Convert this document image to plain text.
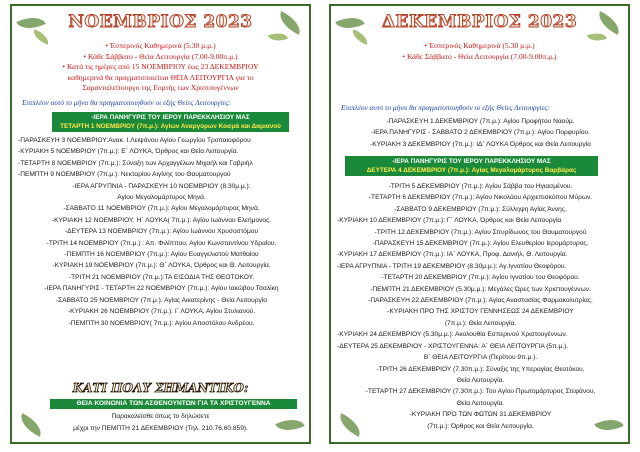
ΝΟΕΜΒΡΙΟΣ 2023
• Έσπερινός Καθημερινά (5.30 μ.μ.)
• Κάθε Σάββατο - Θεία Λειτουργία (7.00-9.00π.μ.)
• Κατά τις ημέρες από 15 ΝΟΕΜΒΡΙΟΥ έως 23 ΔΕΚΕΜΒΡΙΟΥ
καθημερινά θα πραγματοποιείται ΘΕΙΑ ΛΕΙΤΟΥΡΓΙΑ για το
Σαρανταλείτουργο της Εορτής των Χριστουγέννων
Επιπλέον αυτό το μήνα θα πραγματοποιηθούν οι εξής Θείες Λειτουργίες:
-ΙΕΡΑ ΠΑΝΗΓΥΡΙΣ ΤΟΥ ΙΕΡΟΥ ΠΑΡΕΚΚΛΗΣΙΟΥ ΜΑΣ
ΤΕΤΑΡΤΗ 1 ΝΟΕΜΒΡΙΟΥ (7π.μ.): Αγίων Αναργύρων Κοσμά και Δαμιανού
-ΠΑΡΑΣΚΕΥΗ 3 ΝΟΕΜΒΡΙΟΥ:Ανακ. Ι.Λειψάνου Αγίου Γεωργίου Τροπαιοφόρου
-ΚΥΡΙΑΚΗ 5 ΝΟΕΜΒΡΙΟΥ (7π.μ.): Ε΄ ΛΟΥΚΑ, Όρθρος και Θεία Λειτουργία.
-ΤΕΤΑΡΤΗ 8 ΝΟΕΜΒΡΙΟΥ (7π.μ.): Σύναξη των Αρχαγγέλων Μιχαήλ και Γαβριήλ
-ΠΕΜΠΤΗ 9 ΝΟΕΜΒΡΙΟΥ (7π.μ.): Νεκταρίου Αιγίνης του Θαυματουργού
-ΙΕΡΑ ΑΓΡΥΠΝΙΑ - ΠΑΡΑΣΚΕΥΗ 10 ΝΟΕΜΒΡΙΟΥ (8.30μ.μ.):
Αγίου Μεγαλομάρτυρος Μηνά.
-ΣΑΒΒΑΤΟ 11 ΝΟΕΜΒΡΙΟΥ (7π.μ.): Αγίου Μεγαλομάρτυρος Μηνά.
-ΚΥΡΙΑΚΗ 12 ΝΟΕΜΒΡΙΟΥ: Η΄ ΛΟΥΚΑ( 7π.μ.): Αγίου Ιωάννου Ελεήμονος.
-ΔΕΥΤΕΡΑ 13 ΝΟΕΜΒΡΙΟΥ (7π.μ.): Αγίου Ιωάννου Χρυσοστόμου
-ΤΡΙΤΗ 14 ΝΟΕΜΒΡΙΟΥ (7π.μ.) : Απ. Φιλίππου, Αγίου Κωνσταντίνου Υδραίου.
-ΠΕΜΠΤΗ 16 ΝΟΕΜΒΡΙΟΥ (7π.μ.): Αγίου Ευαγγελιστού Ματθαίου
-ΚΥΡΙΑΚΗ 19 ΝΟΕΜΒΡΙΟΥ (7π.μ.): Θ΄ ΛΟΥΚΑ, Όρθρος και Θ. Λειτουργία.
-ΤΡΙΤΗ 21 ΝΟΕΜΒΡΙΟΥ (7π.μ.):ΤΑ ΕΙΣΟΔΙΑ ΤΗΣ ΘΕΟΤΟΚΟΥ.
-ΙΕΡΑ ΠΑΝΗΓΥΡΙΣ - ΤΕΤΑΡΤΗ 22 ΝΟΕΜΒΡΙΟΥ (7π.μ.): Αγίου Ιακώβου Τσαλίκη
-ΣΑΒΒΑΤΟ 25 ΝΟΕΜΒΡΙΟΥ (7π.μ.): Αγίας Αικατερίνης - Θεία Λειτουργία
-ΚΥΡΙΑΚΗ 26 ΝΟΕΜΒΡΙΟΥ (7π.μ.): Ι΄ ΛΟΥΚΑ, Αγίου Στυλιανού.
-ΠΕΜΠΤΗ 30 ΝΟΕΜΒΡΙΟΥ( 7π.μ.): Αγίου Αποστόλου Ανδρέου.
ΚΑΤΙ ΠΟΛΥ ΣΗΜΑΝΤΙΚΟ:
ΘΕΙΑ ΚΟΙΝΩΝΙΑ ΤΩΝ ΑΣΘΕΝΟΥΝΤΩΝ ΓΙΑ ΤΑ ΧΡΙΣΤΟΥΓΕΝΝΑ
Παρακαλείσθε όπως το δηλώσετε
μέχρι την ΠΕΜΠΤΗ 21 ΔΕΚΕΜΒΡΙΟΥ (Τηλ. 210.76.60.859).
ΔΕΚΕΜΒΡΙΟΣ 2023
• Έσπερινός Καθημερινά (5.30 μ.μ.)
• Κάθε Σάββατο - Θεία Λειτουργία (7.00-9.00π.μ.)
Επιπλέον αυτό το μήνα θα πραγματοποιηθούν οι εξής Θείες Λειτουργίες:
-ΠΑΡΑΣΚΕΥΗ 1 ΔΕΚΕΜΒΡΙΟΥ (7π.μ.): Αγίου Προφήτου Ναούμ.
-ΙΕΡΑ ΠΑΝΗΓΥΡΙΣ - ΣΑΒΒΑΤΟ 2 ΔΕΚΕΜΒΡΙΟΥ (7π.μ.): Αγίου Πορφυρίου.
-ΚΥΡΙΑΚΗ 3 ΔΕΚΕΜΒΡΙΟΥ (7π.μ.): ΙΔ΄ ΛΟΥΚΑ Όρθρος και Θεία Λειτουργία
-ΙΕΡΑ ΠΑΝΗΓΥΡΙΣ ΤΟΥ ΙΕΡΟΥ ΠΑΡΕΚΚΛΗΣΙΟΥ ΜΑΣ
ΔΕΥΤΕΡΑ 4 ΔΕΚΕΜΒΡΙΟΥ (7π.μ.): Αγίας Μεγαλομάρτυρος Βαρβάρας
-ΤΡΙΤΗ 5 ΔΕΚΕΜΒΡΙΟΥ (7π.μ.): Αγίου Σάββα του Ηγιασμένου.
-ΤΕΤΑΡΤΗ 6 ΔΕΚΕΜΒΡΙΟΥ (7π.μ.): Αγίου Νικολάου Αρχιεπισκόπου Μύρων.
-ΣΑΒΒΑΤΟ 9 ΔΕΚΕΜΒΡΙΟΥ (7π.μ.): Σύλληψη Αγίας Άννης.
-ΚΥΡΙΑΚΗ 10 ΔΕΚΕΜΒΡΙΟΥ (7π.μ.): Γ΄ ΛΟΥΚΑ, Όρθρος και Θεία Λειτουργία
-ΤΡΙΤΗ 12 ΔΕΚΕΜΒΡΙΟΥ (7π.μ.): Αγίου Σπυρίδωνος του Θαυματουργού
-ΠΑΡΑΣΚΕΥΗ 15 ΔΕΚΕΜΒΡΙΟΥ (7π.μ.): Αγίου Ελευθερίου Ιερομάρτυρος.
-ΚΥΡΙΑΚΗ 17 ΔΕΚΕΜΒΡΙΟΥ (7π.μ.): ΙΑ΄ ΛΟΥΚΑ, Προφ. Δανιήλ, Θ. Λειτουργία.
-ΙΕΡΑ ΑΓΡΥΠΝΙΑ - ΤΡΙΤΗ 19 ΔΕΚΕΜΒΡΙΟΥ (8.30μ.μ.): Αγ.Ιγνατίου Θεοφόρου.
-ΤΕΤΑΡΤΗ 20 ΔΕΚΕΜΒΡΙΟΥ (7π.μ.): Αγίου Ιγνατίου του Θεοφόρου.
-ΠΕΜΠΤΗ 21 ΔΕΚΕΜΒΡΙΟΥ (5.30μ.μ.): Μεγάλες Ώρες των Χριστουγέννων.
-ΠΑΡΑΣΚΕΥΗ 22 ΔΕΚΕΜΒΡΙΟΥ (7π.μ.): Αγίας Αναστασίας Φαρμακολυτρίας.
-ΚΥΡΙΑΚΗ ΠΡΟ ΤΗΣ ΧΡΙΣΤΟΥ ΓΕΝΝΗΣΕΩΣ 24 ΔΕΚΕΜΒΡΙΟΥ
(7π.μ.): Θεία Λειτουργία.
-ΚΥΡΙΑΚΗ 24 ΔΕΚΕΜΒΡΙΟΥ (5.30μ.μ.): Ακολουθία Εσπερινού Χριστουγέννων.
-ΔΕΥΤΕΡΑ 25 ΔΕΚΕΜΒΡΙΟΥ - ΧΡΙΣΤΟΥΓΕΝΝΑ: Α΄ ΘΕΙΑ ΛΕΙΤΟΥΡΓΙΑ (5π.μ.).
Β΄ ΘΕΙΑ ΛΕΙΤΟΥΡΓΙΑ (Περίπου 9π.μ.).
-ΤΡΙΤΗ 26 ΔΕΚΕΜΒΡΙΟΥ (7.30π.μ.): Σύναξις της Υπεραγίας Θεοτόκου,
Θεία Λειτουργία.
-ΤΕΤΑΡΤΗ 27 ΔΕΚΕΜΒΡΙΟΥ (7.30π.μ.): Του Αγίου Πρωτομάρτυρος Στεφάνου,
Θεία Λειτουργία.
-ΚΥΡΙΑΚΗ ΠΡΟ ΤΩΝ ΦΩΤΩΝ 31 ΔΕΚΕΜΒΡΙΟΥ
(7π.μ.): Όρθρος και Θεία Λειτουργία.
